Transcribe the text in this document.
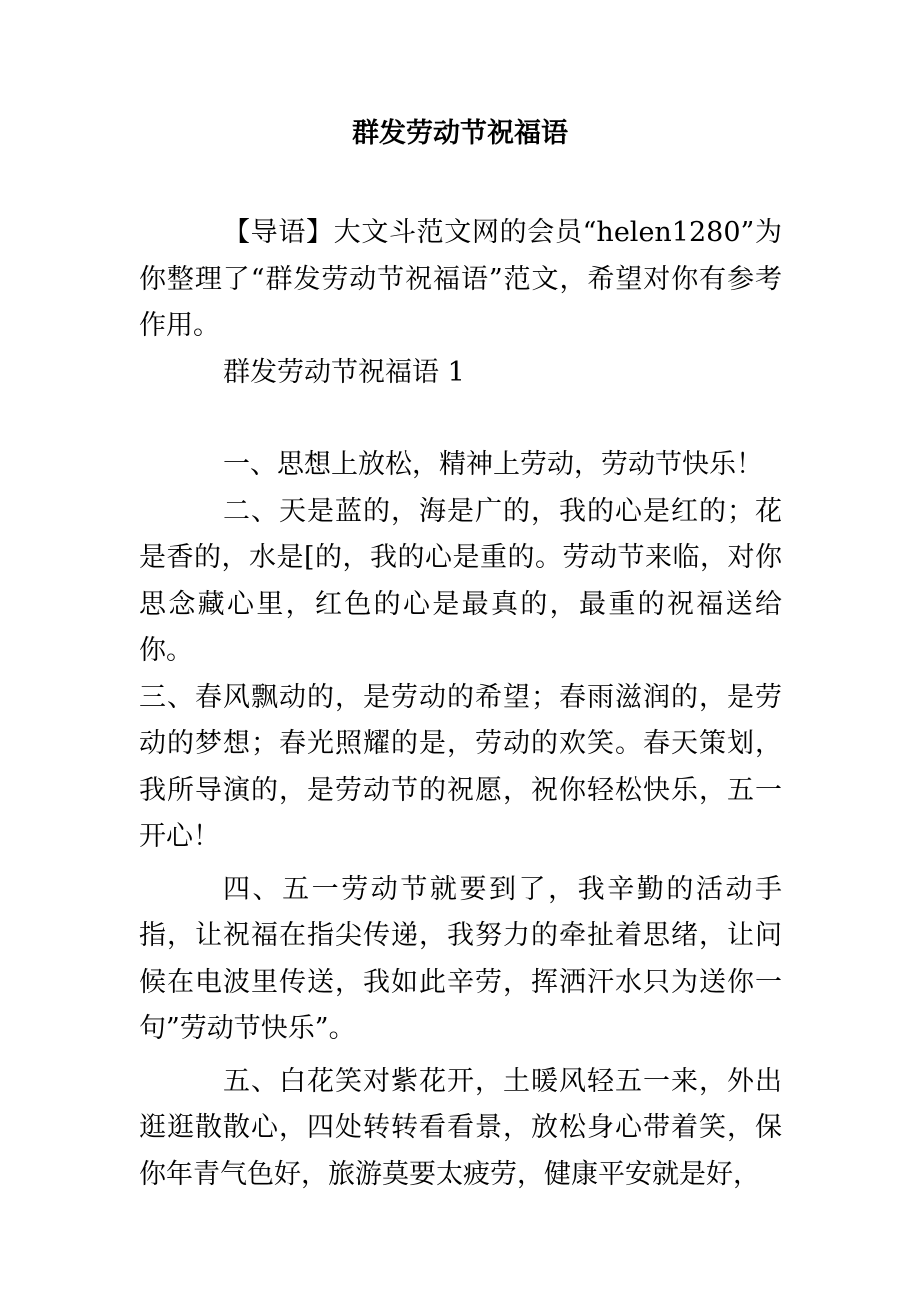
群发劳动节祝福语

【导语】大文斗范文网的会员“helen1280”为你整理了“群发劳动节祝福语”范文，希望对你有参考作用。

群发劳动节祝福语 1

一、思想上放松，精神上劳动，劳动节快乐！

二、天是蓝的，海是广的，我的心是红的；花是香的，水是[的，我的心是重的。劳动节来临，对你思念藏心里，红色的心是最真的，最重的祝福送给你。

三、春风飘动的，是劳动的希望；春雨滋润的，是劳动的梦想；春光照耀的是，劳动的欢笑。春天策划，我所导演的，是劳动节的祝愿，祝你轻松快乐，五一开心！

四、五一劳动节就要到了，我辛勤的活动手指，让祝福在指尖传递，我努力的牵扯着思绪，让问候在电波里传送，我如此辛劳，挥洒汗水只为送你一句”劳动节快乐”。

五、白花笑对紫花开，土暖风轻五一来，外出逛逛散散心，四处转转看看景，放松身心带着笑，保你年青气色好，旅游莫要太疲劳，健康平安就是好，
